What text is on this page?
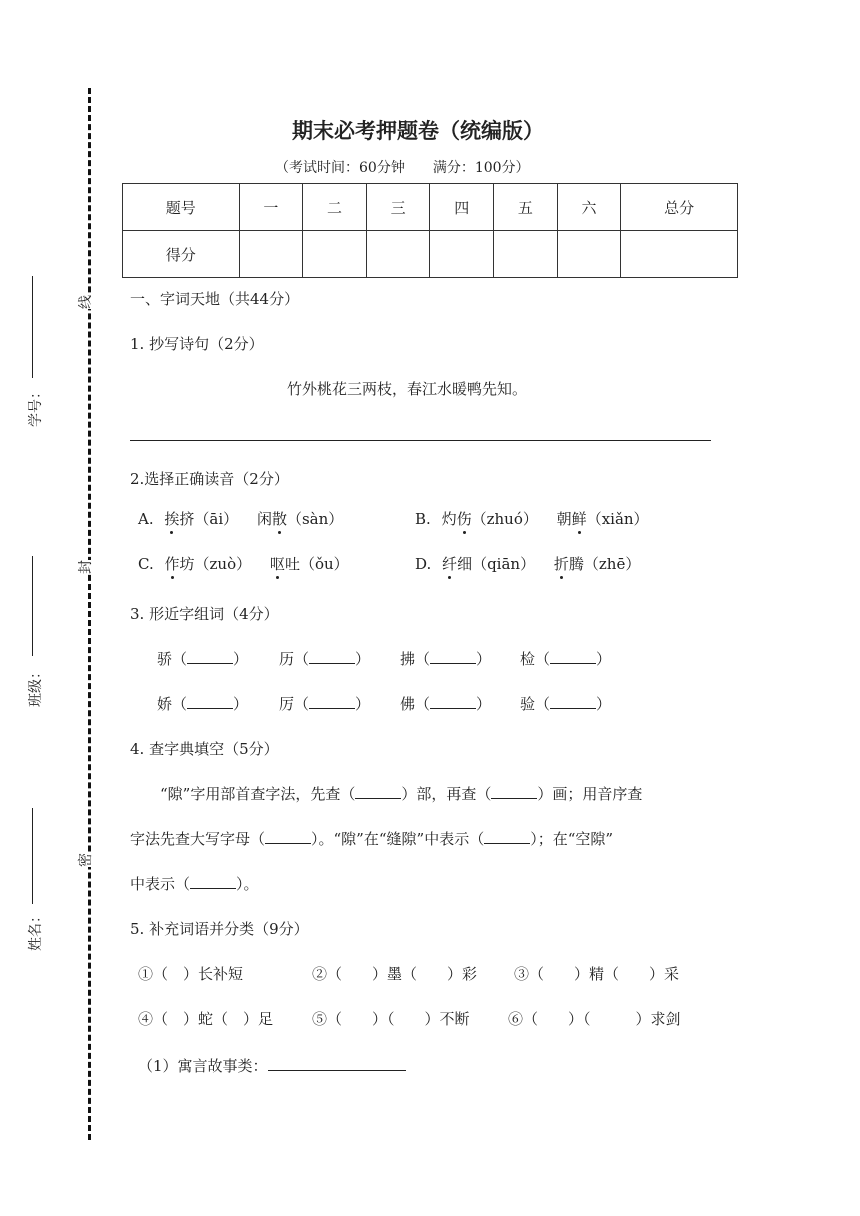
线
封
密
学号：
班级：
姓名：
期末必考押题卷（统编版）
（考试时间：60分钟　　满分：100分）
题号	一	二	三	四	五	六	总分
得分							
一、字词天地（共44分）
1. 抄写诗句（2分）
竹外桃花三两枝，春江水暖鸭先知。
2.选择正确读音（2分）
A. 挨挤（āi） 闲散（sàn）	B. 灼伤（zhuó） 朝鲜（xiǎn）
C. 作坊（zuò） 呕吐（ǒu）	D. 纤细（qiān） 折腾（zhē）
3. 形近字组词（4分）
骄（	） 历（	） 拂（	） 检（	）
娇（	） 厉（	） 佛（	） 验（	）
4. 查字典填空（5分）
“隙”字用部首查字法，先查（	）部，再查（	）画；用音序查
字法先查大写字母（	）。“隙”在“缝隙”中表示（	）；在“空隙”
中表示（	）。
5. 补充词语并分类（9分）
①（　）长补短	②（　　）墨（　　）彩 ③（　　）精（　　）采
④（　）蛇（　）足	⑤（　　）（　　）不断	⑥（　　）（　　　）求剑
（1）寓言故事类：
